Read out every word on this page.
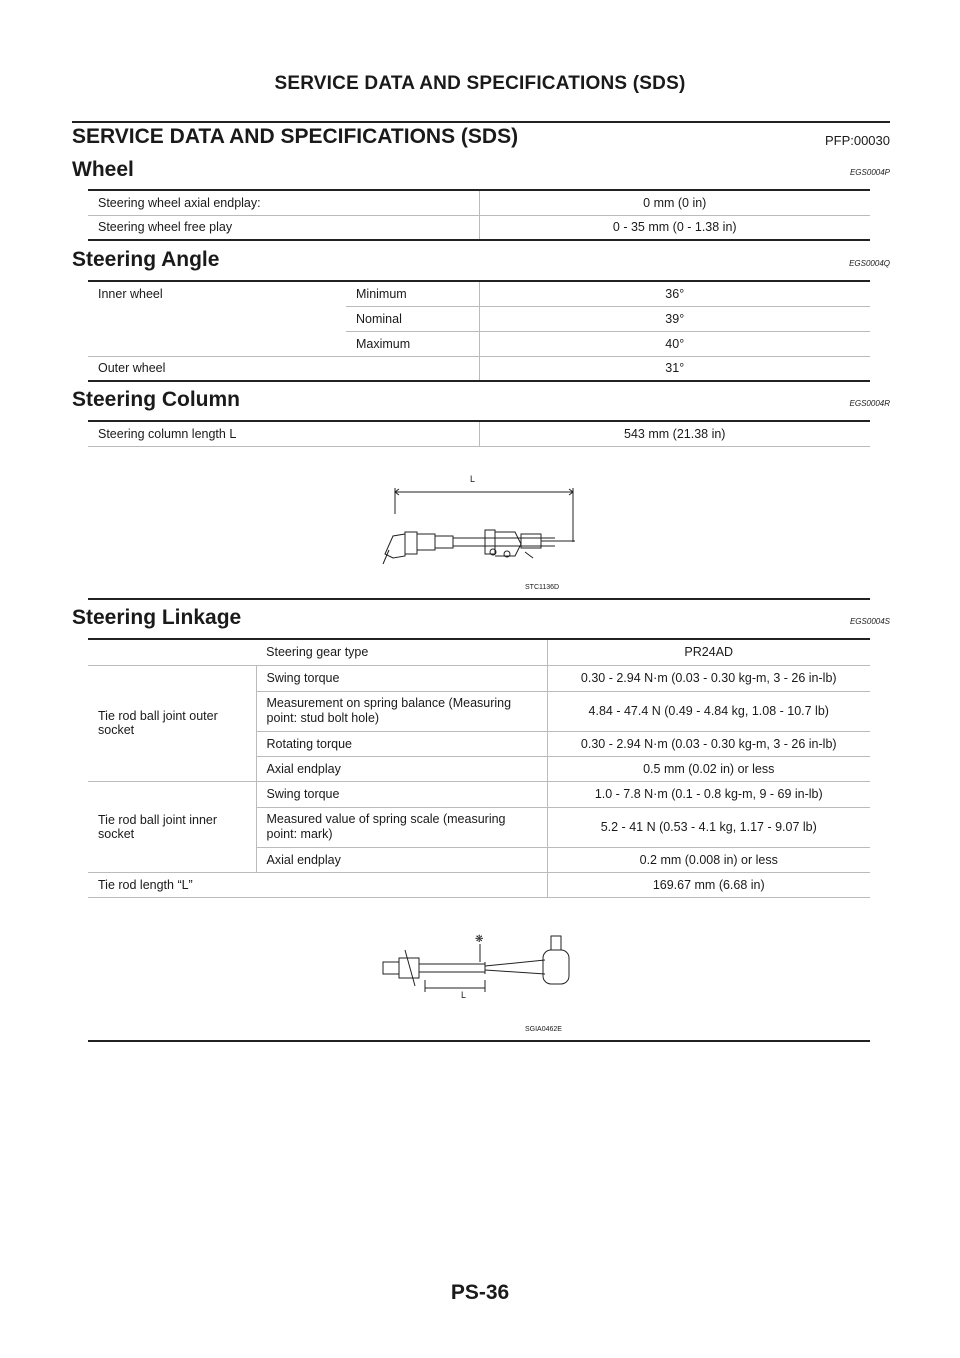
SERVICE DATA AND SPECIFICATIONS (SDS)
SERVICE DATA AND SPECIFICATIONS (SDS)	PFP:00030
Wheel	EGS0004P
Steering wheel axial endplay:	0 mm (0 in)
Steering wheel free play	0 - 35 mm (0 - 1.38 in)
Steering Angle	EGS0004Q
Inner wheel	Minimum	36°
	Nominal	39°
	Maximum	40°
Outer wheel		31°
Steering Column	EGS0004R
Steering column length L	543 mm (21.38 in)
L
STC1136D
Steering Linkage	EGS0004S
Steering gear type		PR24AD
Tie rod ball joint outer socket	Swing torque	0.30 - 2.94 N·m (0.03 - 0.30 kg-m, 3 - 26 in-lb)
	Measurement on spring balance (Measuring point: stud bolt hole)	4.84 - 47.4 N (0.49 - 4.84 kg, 1.08 - 10.7 lb)
	Rotating torque	0.30 - 2.94 N·m (0.03 - 0.30 kg-m, 3 - 26 in-lb)
	Axial endplay	0.5 mm (0.02 in) or less
Tie rod ball joint inner socket	Swing torque	1.0 - 7.8 N·m (0.1 - 0.8 kg-m, 9 - 69 in-lb)
	Measured value of spring scale (measuring point: mark)	5.2 - 41 N (0.53 - 4.1 kg, 1.17 - 9.07 lb)
	Axial endplay	0.2 mm (0.008 in) or less
Tie rod length “L”		169.67 mm (6.68 in)
❋
L
SGIA0462E
PS-36
